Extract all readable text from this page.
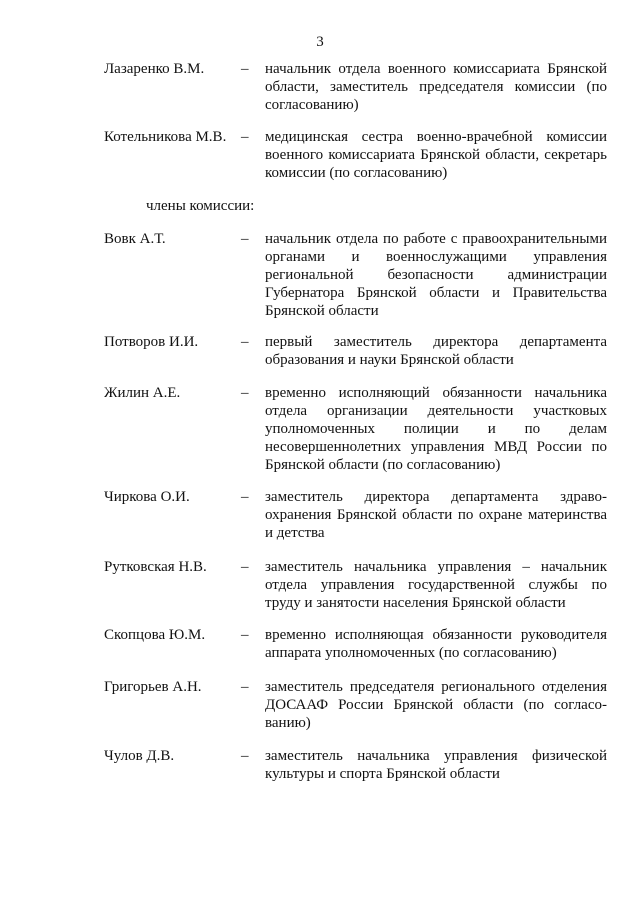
3
члены комиссии:
Лазаренко В.М. – начальник отдела военного комиссариата Брянской
области, заместитель председателя комиссии (по
согласованию)
Котельникова М.В. – медицинская сестра военно-врачебной комиссии
военного комиссариата Брянской области, секретарь
комиссии (по согласованию)
Вовк А.Т.	– начальник отдела по работе с правоохранительными
органами и военнослужащими управления
региональной безопасности администрации
Губернатора Брянской области и Правительства
Брянской области
Потворов И.И.	– первый заместитель директора департамента
образования и науки Брянской области
Жилин А.Е.	– временно исполняющий обязанности начальника
отдела организации деятельности участковых
уполномоченных полиции и по делам
несовершеннолетних управления МВД России по
Брянской области (по согласованию)
Чиркова О.И.	– заместитель директора департамента здраво-
охранения Брянской области по охране материнства
и детства
Рутковская Н.В. – заместитель начальника управления – начальник
отдела управления государственной службы по
труду и занятости населения Брянской области
Скопцова Ю.М. – временно исполняющая обязанности руководителя
аппарата уполномоченных (по согласованию)
Григорьев А.Н.	– заместитель председателя регионального отделения
ДОСААФ России Брянской области (по согласо-
ванию)
Чулов Д.В.	– заместитель начальника управления физической
культуры и спорта Брянской области
